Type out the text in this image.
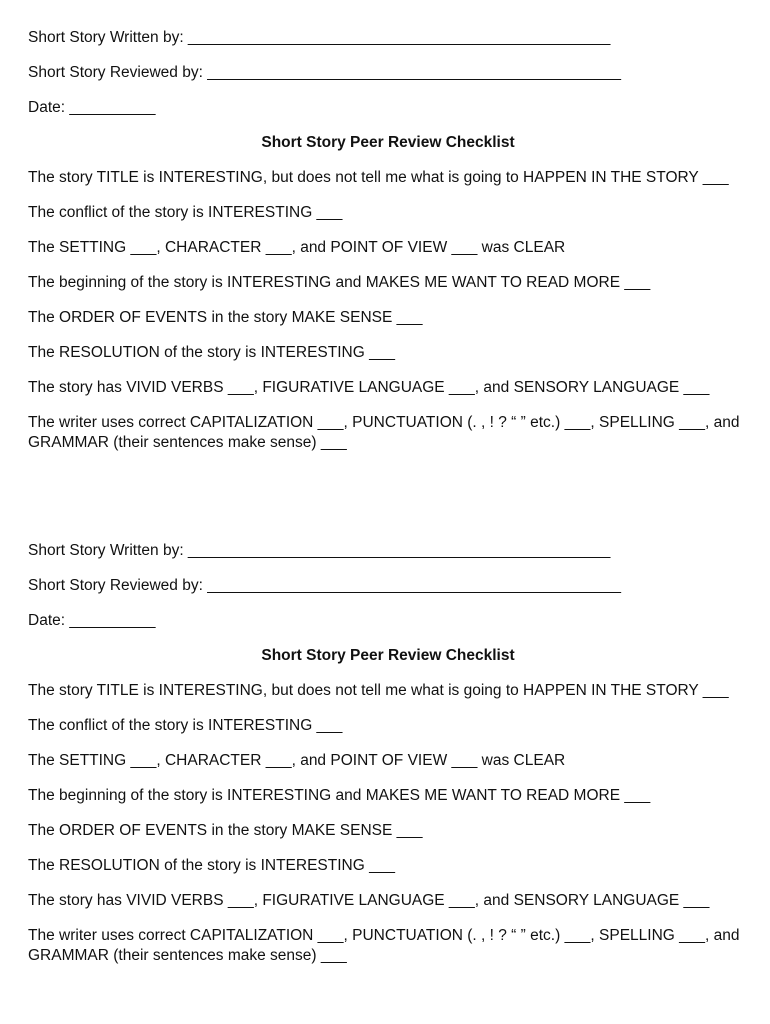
Short Story Written by: _________________________________________________
Short Story Reviewed by: ________________________________________________
Date: __________
Short Story Peer Review Checklist
The story TITLE is INTERESTING, but does not tell me what is going to HAPPEN IN THE STORY ___
The conflict of the story is INTERESTING ___
The SETTING ___, CHARACTER ___, and POINT OF VIEW ___ was CLEAR
The beginning of the story is INTERESTING and MAKES ME WANT TO READ MORE ___
The ORDER OF EVENTS in the story MAKE SENSE ___
The RESOLUTION of the story is INTERESTING ___
The story has VIVID VERBS ___, FIGURATIVE LANGUAGE ___, and SENSORY LANGUAGE ___
The writer uses correct CAPITALIZATION ___, PUNCTUATION (. , ! ? “ ” etc.) ___, SPELLING ___, and GRAMMAR (their sentences make sense) ___
Short Story Written by: _________________________________________________
Short Story Reviewed by: ________________________________________________
Date: __________
Short Story Peer Review Checklist
The story TITLE is INTERESTING, but does not tell me what is going to HAPPEN IN THE STORY ___
The conflict of the story is INTERESTING ___
The SETTING ___, CHARACTER ___, and POINT OF VIEW ___ was CLEAR
The beginning of the story is INTERESTING and MAKES ME WANT TO READ MORE ___
The ORDER OF EVENTS in the story MAKE SENSE ___
The RESOLUTION of the story is INTERESTING ___
The story has VIVID VERBS ___, FIGURATIVE LANGUAGE ___, and SENSORY LANGUAGE ___
The writer uses correct CAPITALIZATION ___, PUNCTUATION (. , ! ? “ ” etc.) ___, SPELLING ___, and GRAMMAR (their sentences make sense) ___
